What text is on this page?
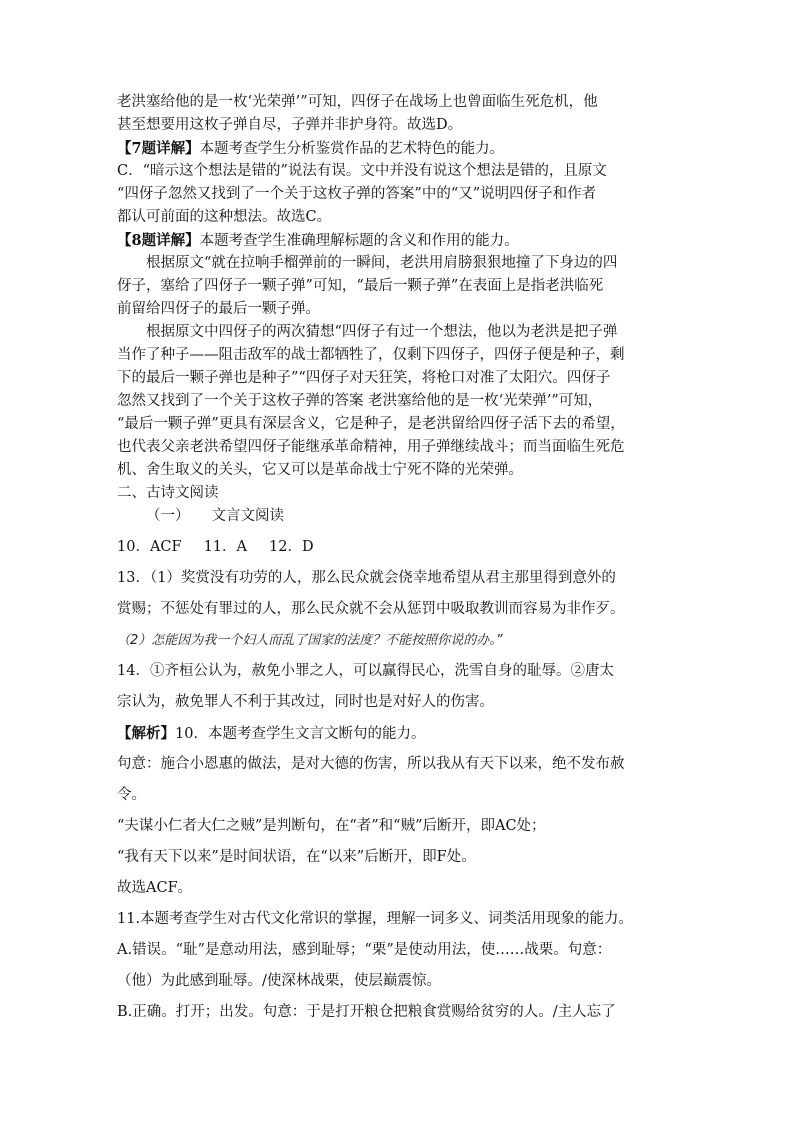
老洪塞给他的是一枚‘光荣弹’”可知，四伢子在战场上也曾面临生死危机，他

甚至想要用这枚子弹自尽，子弹并非护身符。故选D。

【7题详解】本题考查学生分析鉴赏作品的艺术特色的能力。

C．“暗示这个想法是错的”说法有误。文中并没有说这个想法是错的，且原文

“四伢子忽然又找到了一个关于这枚子弹的答案”中的“又”说明四伢子和作者

都认可前面的这种想法。故选C。

【8题详解】本题考查学生准确理解标题的含义和作用的能力。

根据原文“就在拉响手榴弹前的一瞬间，老洪用肩膀狠狠地撞了下身边的四

伢子，塞给了四伢子一颗子弹”可知，“最后一颗子弹”在表面上是指老洪临死

前留给四伢子的最后一颗子弹。

根据原文中四伢子的两次猜想“四伢子有过一个想法，他以为老洪是把子弹

当作了种子——阻击敌军的战士都牺牲了，仅剩下四伢子，四伢子便是种子，剩

下的最后一颗子弹也是种子”“四伢子对天狂笑，将枪口对准了太阳穴。四伢子

忽然又找到了一个关于这枚子弹的答案 老洪塞给他的是一枚‘光荣弹’”可知，

“最后一颗子弹”更具有深层含义，它是种子，是老洪留给四伢子活下去的希望，

也代表父亲老洪希望四伢子能继承革命精神，用子弹继续战斗；而当面临生死危

机、舍生取义的关头，它又可以是革命战士宁死不降的光荣弹。

二、古诗文阅读

（一） 文言文阅读

10．ACF 11．A 12．D

13．（1）奖赏没有功劳的人，那么民众就会侥幸地希望从君主那里得到意外的

赏赐；不惩处有罪过的人，那么民众就不会从惩罚中吸取教训而容易为非作歹。

（2）怎能因为我一个妇人而乱了国家的法度？不能按照你说的办。”

14．①齐桓公认为，赦免小罪之人，可以赢得民心，洗雪自身的耻辱。②唐太

宗认为，赦免罪人不利于其改过，同时也是对好人的伤害。

【解析】10．本题考查学生文言文断句的能力。

句意：施合小恩惠的做法，是对大德的伤害，所以我从有天下以来，绝不发布赦

令。

“夫谋小仁者大仁之贼”是判断句，在“者”和“贼”后断开，即AC处；

“我有天下以来”是时间状语，在“以来”后断开，即F处。

故选ACF。

11.本题考查学生对古代文化常识的掌握，理解一词多义、词类活用现象的能力。

A.错误。“耻”是意动用法，感到耻辱；“栗”是使动用法，使……战栗。句意：

（他）为此感到耻辱。/使深林战栗，使层巅震惊。

B.正确。打开；出发。句意：于是打开粮仓把粮食赏赐给贫穷的人。/主人忘了
